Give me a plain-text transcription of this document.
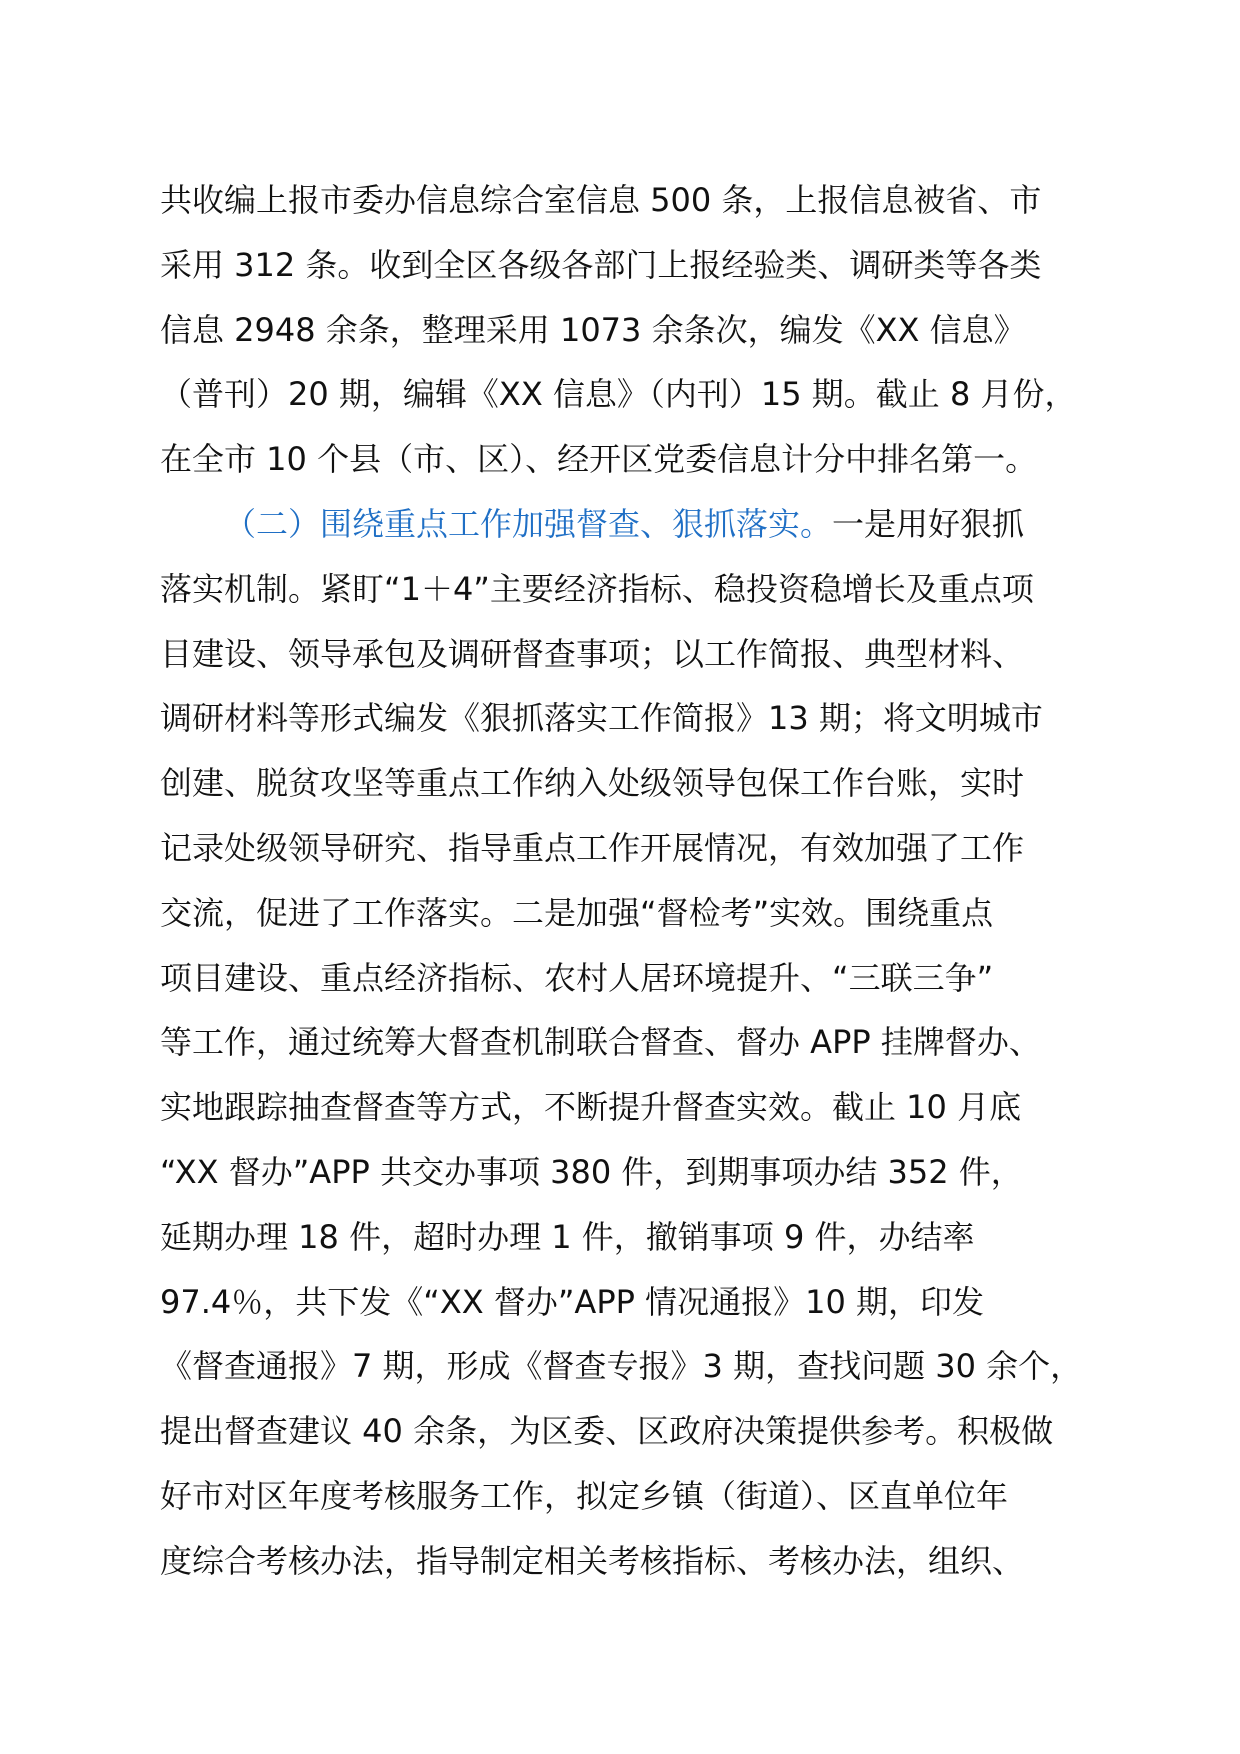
共收编上报市委办信息综合室信息 500 条，上报信息被省、市
采用 312 条。收到全区各级各部门上报经验类、调研类等各类
信息 2948 余条，整理采用 1073 余条次，编发《XX 信息》
（普刊）20 期，编辑《XX 信息》（内刊）15 期。截止 8 月份，
在全市 10 个县（市、区）、经开区党委信息计分中排名第一。
（二）围绕重点工作加强督查、狠抓落实。一是用好狠抓
落实机制。紧盯“1＋4”主要经济指标、稳投资稳增长及重点项
目建设、领导承包及调研督查事项；以工作简报、典型材料、
调研材料等形式编发《狠抓落实工作简报》13 期；将文明城市
创建、脱贫攻坚等重点工作纳入处级领导包保工作台账，实时
记录处级领导研究、指导重点工作开展情况，有效加强了工作
交流，促进了工作落实。二是加强“督检考”实效。围绕重点
项目建设、重点经济指标、农村人居环境提升、“三联三争”
等工作，通过统筹大督查机制联合督查、督办 APP 挂牌督办、
实地跟踪抽查督查等方式，不断提升督查实效。截止 10 月底
“XX 督办”APP 共交办事项 380 件，到期事项办结 352 件，
延期办理 18 件，超时办理 1 件，撤销事项 9 件，办结率
97.4％，共下发《“XX 督办”APP 情况通报》10 期，印发
《督查通报》7 期，形成《督查专报》3 期，查找问题 30 余个，
提出督查建议 40 余条，为区委、区政府决策提供参考。积极做
好市对区年度考核服务工作，拟定乡镇（街道）、区直单位年
度综合考核办法，指导制定相关考核指标、考核办法，组织、
